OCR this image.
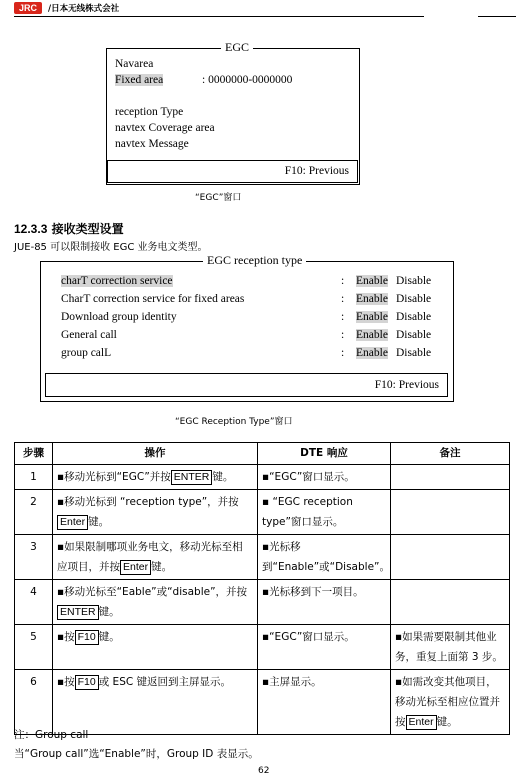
JRC	/日本无线株式会社
EGC
Navarea
Fixed area	: 0000000-0000000
reception Type
navtex Coverage area
navtex Message
F10: Previous
“EGC”窗口
12.3.3 接收类型设置
JUE-85 可以限制接收 EGC 业务电文类型。
EGC reception type
charT correction service	: Enable Disable
CharT correction service for fixed areas	: Enable Disable
Download group identity	: Enable Disable
General call	: Enable Disable
group calL	: Enable Disable
F10: Previous
“EGC Reception Type”窗口
步骤	操作	DTE 响应	备注
1	▪移动光标到“EGC”并按 ENTER 键。	▪“EGC”窗口显示。	
2	▪移动光标到 “reception type”，并按Enter 键。	▪ “EGC reception type”窗口显示。	
3	▪如果限制哪项业务电文，移动光标至相应项目，并按 Enter 键。	▪光标移到“Enable”或“Disable”。	
4	▪移动光标至“Eable”或“disable”，并按ENTER 键。	▪光标移到下一项目。	
5	▪按 F10 键。	▪“EGC”窗口显示。	▪如果需要限制其他业务，重复上面第 3 步。
6	▪按 F10 或 ESC 键返回到主屏显示。	▪主屏显示。	▪如需改变其他项目，移动光标至相应位置并按 Enter 键。
注：Group call
当“Group call”选“Enable”时，Group ID 表显示。
62
